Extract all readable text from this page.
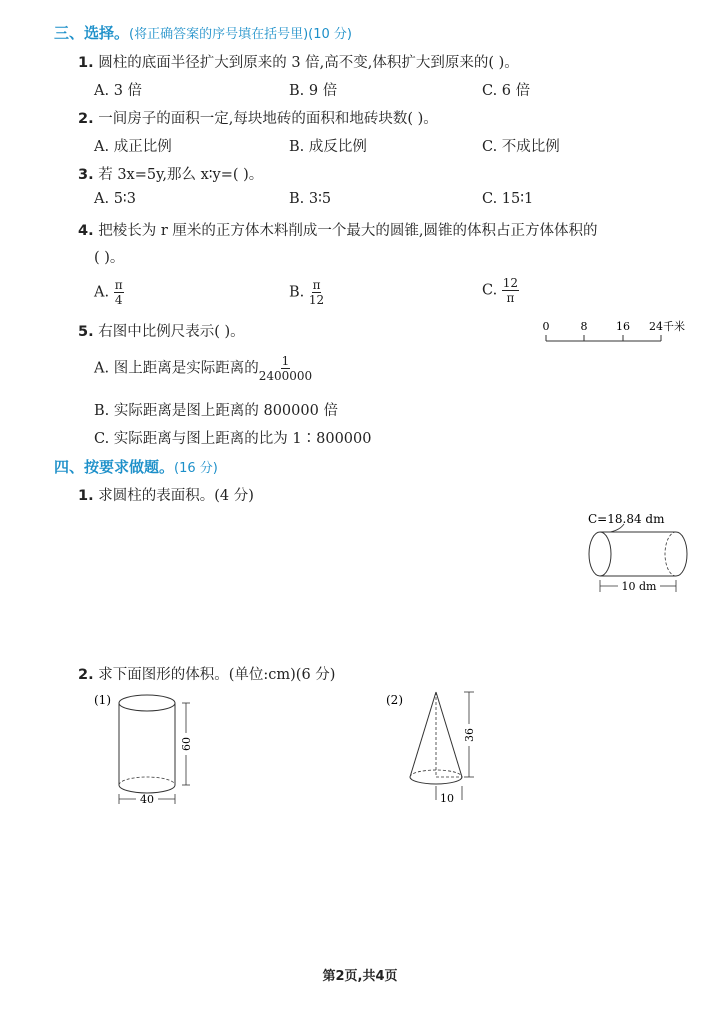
三、选择。(将正确答案的序号填在括号里)(10 分)
1. 圆柱的底面半径扩大到原来的 3 倍,高不变,体积扩大到原来的( )。
A. 3 倍	B. 9 倍	C. 6 倍
2. 一间房子的面积一定,每块地砖的面积和地砖块数( )。
A. 成正比例	B. 成反比例	C. 不成比例
3. 若 3x=5y,那么 x∶y=( )。
A. 5∶3	B. 3∶5	C. 15∶1
4. 把棱长为 r 厘米的正方体木料削成一个最大的圆锥,圆锥的体积占正方体体积的
( )。
A. $\frac{\pi}{4}$	B. $\frac{\pi}{12}$	C. $\frac{12}{\pi}$
5. 右图中比例尺表示( )。	0	8	16 24千米
A. 图上距离是实际距离的 $\frac{1}{2400000}$
B. 实际距离是图上距离的 800000 倍
C. 实际距离与图上距离的比为 1∶800000
四、按要求做题。(16 分)
1. 求圆柱的表面积。(4 分)
C=18.84 dm
10 dm
2. 求下面图形的体积。(单位:cm)(6 分)
(1)
60
40
(2)
36
10
第2页,共4页
